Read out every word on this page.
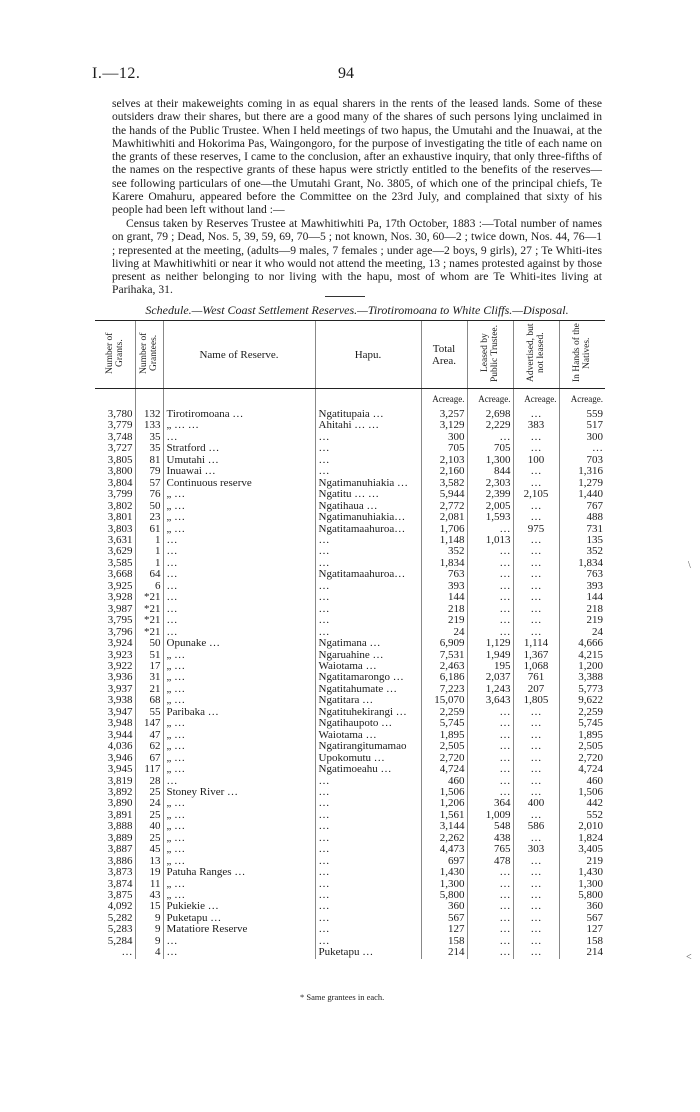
I.—12.	94
selves at their makeweights coming in as equal sharers in the rents of the leased lands. Some of these outsiders draw their shares, but there are a good many of the shares of such persons lying unclaimed in the hands of the Public Trustee. When I held meetings of two hapus, the Umutahi and the Inuawai, at the Mawhitiwhiti and Hokorima Pas, Waingongoro, for the purpose of investigating the title of each name on the grants of these reserves, I came to the conclusion, after an exhaustive inquiry, that only three-fifths of the names on the respective grants of these hapus were strictly entitled to the benefits of the reserves—see following particulars of one—the Umutahi Grant, No. 3805, of which one of the principal chiefs, Te Karere Omahuru, appeared before the Committee on the 23rd July, and complained that sixty of his people had been left without land :—
Census taken by Reserves Trustee at Mawhitiwhiti Pa, 17th October, 1883 :—Total number of names on grant, 79 ; Dead, Nos. 5, 39, 59, 69, 70—5 ; not known, Nos. 30, 60—2 ; twice down, Nos. 44, 76—1 ; represented at the meeting, (adults—9 males, 7 females ; under age—2 boys, 9 girls), 27 ; Te Whiti-ites living at Mawhitiwhiti or near it who would not attend the meeting, 13 ; names protested against by those present as neither belonging to nor living with the hapu, most of whom are Te Whiti-ites living at Parihaka, 31.
Schedule.—West Coast Settlement Reserves.—Tirotiromoana to White Cliffs.—Disposal.
Number of Grants.	Number of Grantees.	Name of Reserve.	Hapu.	Total Area.	Leased by Public Trustee.	Advertised, but not leased.	In Hands of the Natives.
				Acreage.	Acreage.	Acreage.	Acreage.
3,780	132	Tirotiromoana …	Ngatitupaia …	3,257	2,698	…	559
3,779	133	„ … …	Ahitahi … …	3,129	2,229	383	517
3,748	35	…	…	300	…	…	300
3,727	35	Stratford …	…	705	705	…	…
3,805	81	Umutahi …	…	2,103	1,300	100	703
3,800	79	Inuawai …	…	2,160	844	…	1,316
3,804	57	Continuous reserve	Ngatimanuhiakia …	3,582	2,303	…	1,279
3,799	76	„ …	Ngatitu … …	5,944	2,399	2,105	1,440
3,802	50	„ …	Ngatihaua …	2,772	2,005	…	767
3,801	23	„ …	Ngatimanuhiakia…	2,081	1,593	…	488
3,803	61	„ …	Ngatitamaahuroa…	1,706	…	975	731
3,631	1	…	…	1,148	1,013	…	135
3,629	1	…	…	352	…	…	352
3,585	1	…	…	1,834	…	…	1,834
3,668	64	…	Ngatitamaahuroa…	763	…	…	763
3,925	6	…	…	393	…	…	393
3,928	*21	…	…	144	…	…	144
3,987	*21	…	…	218	…	…	218
3,795	*21	…	…	219	…	…	219
3,796	*21	…	…	24	…	…	24
3,924	50	Opunake …	Ngatimana …	6,909	1,129	1,114	4,666
3,923	51	„ …	Ngaruahine …	7,531	1,949	1,367	4,215
3,922	17	„ …	Waiotama …	2,463	195	1,068	1,200
3,936	31	„ …	Ngatitamarongo …	6,186	2,037	761	3,388
3,937	21	„ …	Ngatitahumate …	7,223	1,243	207	5,773
3,938	68	„ …	Ngatitara …	15,070	3,643	1,805	9,622
3,947	55	Paribaka …	Ngatituhekirangi …	2,259	…	…	2,259
3,948	147	„ …	Ngatihaupoto …	5,745	…	…	5,745
3,944	47	„ …	Waiotama …	1,895	…	…	1,895
4,036	62	„ …	Ngatirangitumamao	2,505	…	…	2,505
3,946	67	„ …	Upokomutu …	2,720	…	…	2,720
3,945	117	„ …	Ngatimoeahu …	4,724	…	…	4,724
3,819	28	…	…	460	…	…	460
3,892	25	Stoney River …	…	1,506	…	…	1,506
3,890	24	„ …	…	1,206	364	400	442
3,891	25	„ …	…	1,561	1,009	…	552
3,888	40	„ …	…	3,144	548	586	2,010
3,889	25	„ …	…	2,262	438	…	1,824
3,887	45	„ …	…	4,473	765	303	3,405
3,886	13	„ …	…	697	478	…	219
3,873	19	Patuha Ranges …	…	1,430	…	…	1,430
3,874	11	„ …	…	1,300	…	…	1,300
3,875	43	„ …	…	5,800	…	…	5,800
4,092	15	Pukiekie …	…	360	…	…	360
5,282	9	Puketapu …	…	567	…	…	567
5,283	9	Matatiore Reserve	…	127	…	…	127
5,284	9	…	…	158	…	…	158
…	4	…	Puketapu …	214	…	…	214
* Same grantees in each.
\
<
